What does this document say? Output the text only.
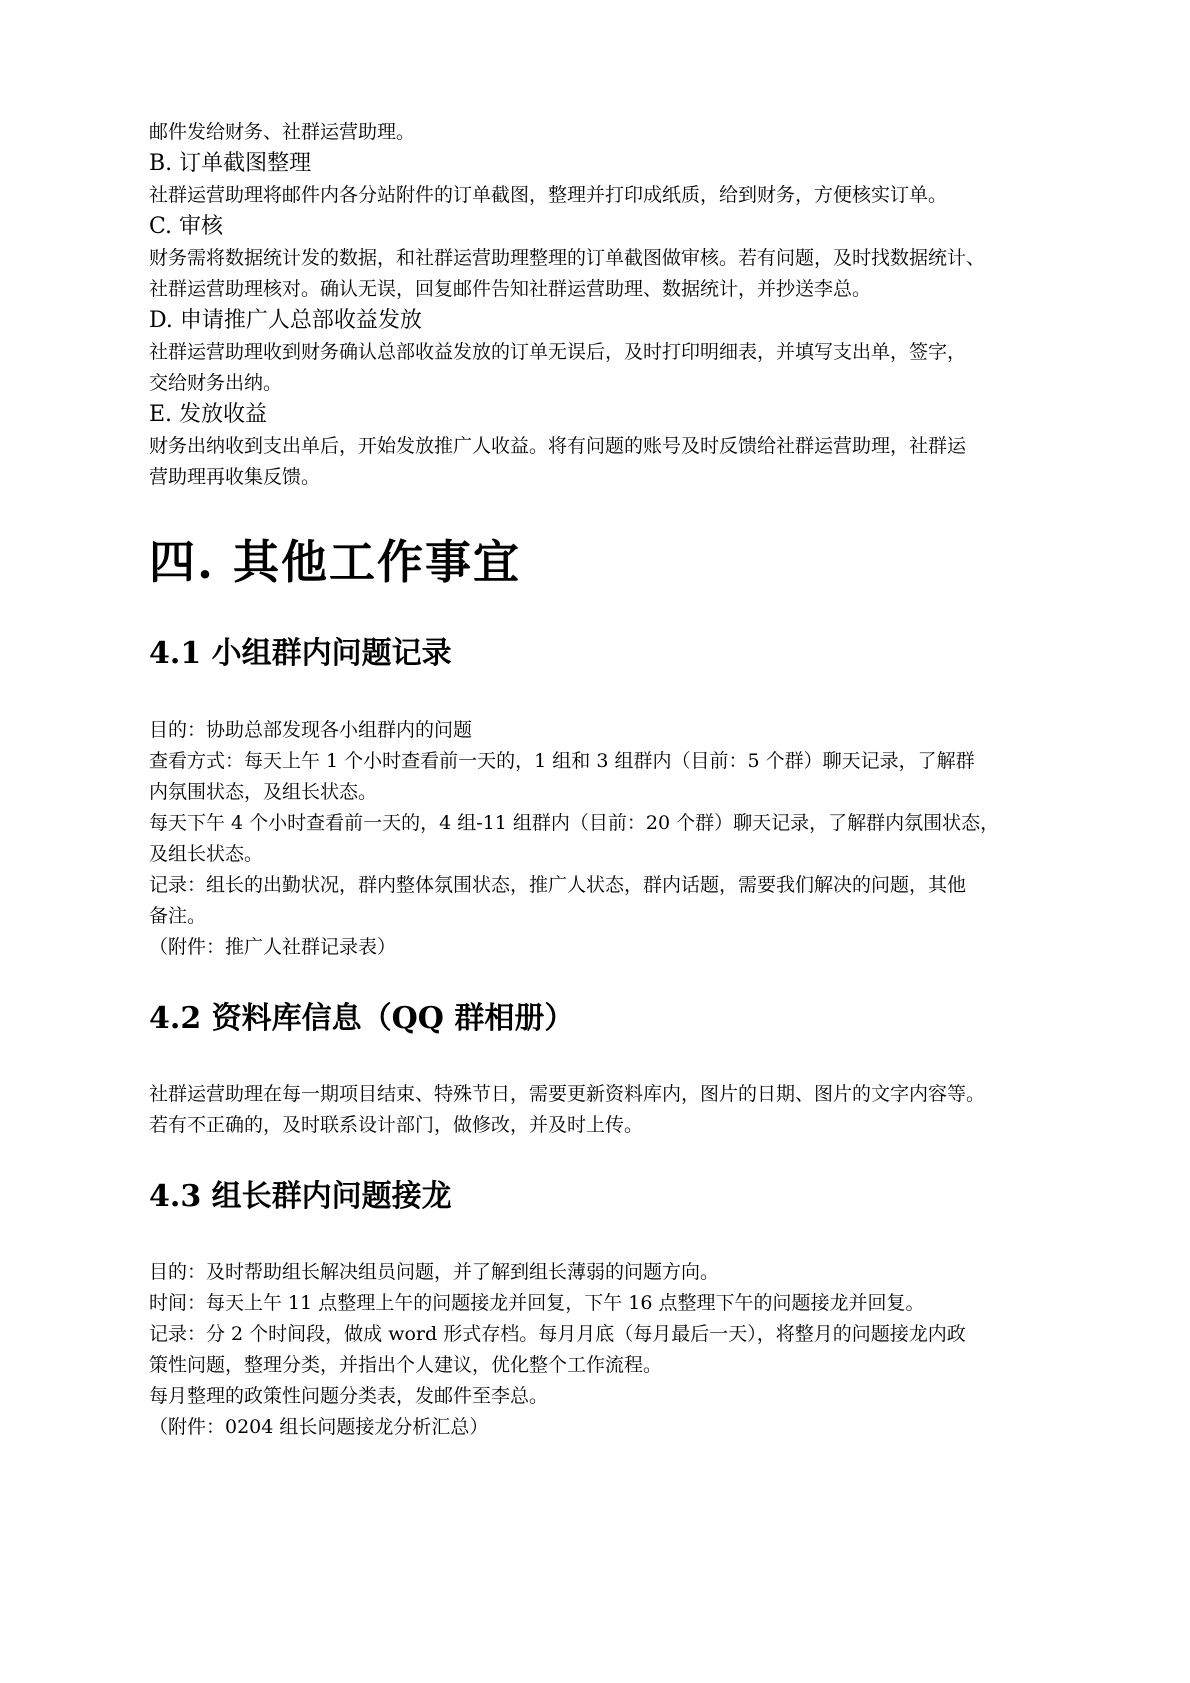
邮件发给财务、社群运营助理。
B. 订单截图整理
社群运营助理将邮件内各分站附件的订单截图，整理并打印成纸质，给到财务，方便核实订单。
C. 审核
财务需将数据统计发的数据，和社群运营助理整理的订单截图做审核。若有问题，及时找数据统计、
社群运营助理核对。确认无误，回复邮件告知社群运营助理、数据统计，并抄送李总。
D. 申请推广人总部收益发放
社群运营助理收到财务确认总部收益发放的订单无误后，及时打印明细表，并填写支出单，签字，
交给财务出纳。
E. 发放收益
财务出纳收到支出单后，开始发放推广人收益。将有问题的账号及时反馈给社群运营助理，社群运
营助理再收集反馈。
四. 其他工作事宜
4.1 小组群内问题记录
目的：协助总部发现各小组群内的问题
查看方式：每天上午 1 个小时查看前一天的，1 组和 3 组群内（目前：5 个群）聊天记录，了解群
内氛围状态，及组长状态。
每天下午 4 个小时查看前一天的，4 组-11 组群内（目前：20 个群）聊天记录，了解群内氛围状态，
及组长状态。
记录：组长的出勤状况，群内整体氛围状态，推广人状态，群内话题，需要我们解决的问题，其他
备注。
（附件：推广人社群记录表）
4.2 资料库信息（QQ 群相册）
社群运营助理在每一期项目结束、特殊节日，需要更新资料库内，图片的日期、图片的文字内容等。
若有不正确的，及时联系设计部门，做修改，并及时上传。
4.3 组长群内问题接龙
目的：及时帮助组长解决组员问题，并了解到组长薄弱的问题方向。
时间：每天上午 11 点整理上午的问题接龙并回复，下午 16 点整理下午的问题接龙并回复。
记录：分 2 个时间段，做成 word 形式存档。每月月底（每月最后一天），将整月的问题接龙内政
策性问题，整理分类，并指出个人建议，优化整个工作流程。
每月整理的政策性问题分类表，发邮件至李总。
（附件：0204 组长问题接龙分析汇总）
